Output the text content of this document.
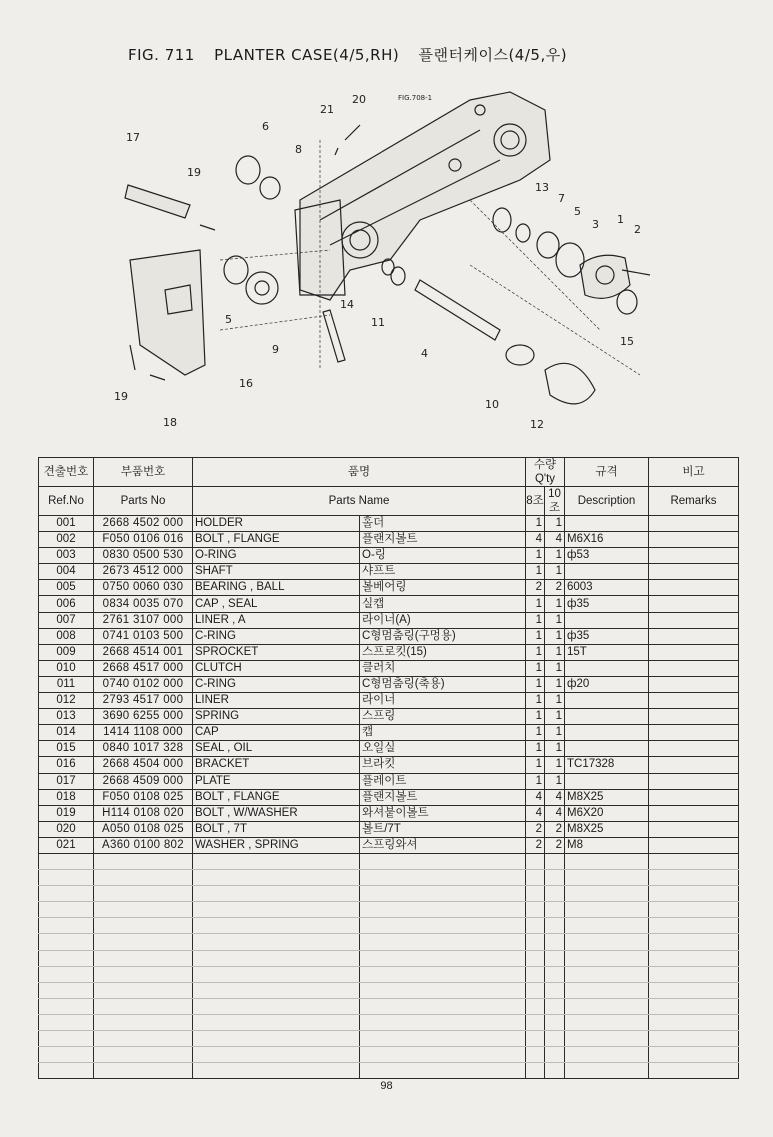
FIG. 711 PLANTER CASE(4/5,RH) 플랜터케이스(4/5,우)
FIG.708-1
1
2
3
4
5
5
6
7
8
9
10
11
12
13
14
15
16
17
18
19
19
20
21
견출번호	부품번호	품명		수량Q'ty		규격	비고
Ref.No	Parts No	Parts Name		8조	10조	Description	Remarks
001	2668 4502 000	HOLDER	홀더	1	1		
002	F050 0106 016	BOLT , FLANGE	플랜지볼트	4	4	M6X16	
003	0830 0500 530	O-RING	O-링	1	1	ф53	
004	2673 4512 000	SHAFT	샤프트	1	1		
005	0750 0060 030	BEARING , BALL	볼베어링	2	2	6003	
006	0834 0035 070	CAP , SEAL	실캡	1	1	ф35	
007	2761 3107 000	LINER , A	라이너(A)	1	1		
008	0741 0103 500	C-RING	C형멈춤링(구멍용)	1	1	ф35	
009	2668 4514 001	SPROCKET	스프로킷(15)	1	1	15T	
010	2668 4517 000	CLUTCH	클러치	1	1		
011	0740 0102 000	C-RING	C형멈춤링(축용)	1	1	ф20	
012	2793 4517 000	LINER	라이너	1	1		
013	3690 6255 000	SPRING	스프링	1	1		
014	1414 1108 000	CAP	캡	1	1		
015	0840 1017 328	SEAL , OIL	오일실	1	1		
016	2668 4504 000	BRACKET	브라킷	1	1	TC17328	
017	2668 4509 000	PLATE	플레이트	1	1		
018	F050 0108 025	BOLT , FLANGE	플랜지볼트	4	4	M8X25	
019	H114 0108 020	BOLT , W/WASHER	와셔붙이볼트	4	4	M6X20	
020	A050 0108 025	BOLT , 7T	볼트/7T	2	2	M8X25	
021	A360 0100 802	WASHER , SPRING	스프링와셔	2	2	M8	

98
